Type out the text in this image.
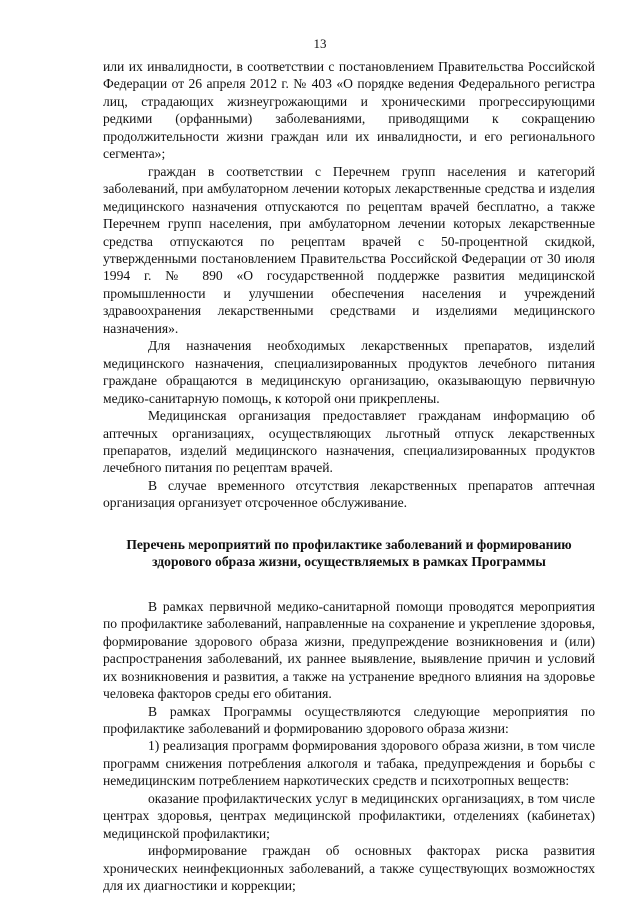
13

или их инвалидности, в соответствии с постановлением Правительства Российской Федерации от 26 апреля 2012 г. № 403 «О порядке ведения Федерального регистра лиц, страдающих жизнеугрожающими и хроническими прогрессирующими редкими (орфанными) заболеваниями, приводящими к сокращению продолжительности жизни граждан или их инвалидности, и его регионального сегмента»;

граждан в соответствии с Перечнем групп населения и категорий заболеваний, при амбулаторном лечении которых лекарственные средства и изделия медицинского назначения отпускаются по рецептам врачей бесплатно, а также Перечнем групп населения, при амбулаторном лечении которых лекарственные средства отпускаются по рецептам врачей с 50-процентной скидкой, утвержденными постановлением Правительства Российской Федерации от 30 июля 1994 г. № 890 «О государственной поддержке развития медицинской промышленности и улучшении обеспечения населения и учреждений здравоохранения лекарственными средствами и изделиями медицинского назначения».

Для назначения необходимых лекарственных препаратов, изделий медицинского назначения, специализированных продуктов лечебного питания граждане обращаются в медицинскую организацию, оказывающую первичную медико-санитарную помощь, к которой они прикреплены.

Медицинская организация предоставляет гражданам информацию об аптечных организациях, осуществляющих льготный отпуск лекарственных препаратов, изделий медицинского назначения, специализированных продуктов лечебного питания по рецептам врачей.

В случае временного отсутствия лекарственных препаратов аптечная организация организует отсроченное обслуживание.

Перечень мероприятий по профилактике заболеваний и формированию
здорового образа жизни, осуществляемых в рамках Программы

В рамках первичной медико-санитарной помощи проводятся мероприятия по профилактике заболеваний, направленные на сохранение и укрепление здоровья, формирование здорового образа жизни, предупреждение возникновения и (или) распространения заболеваний, их раннее выявление, выявление причин и условий их возникновения и развития, а также на устранение вредного влияния на здоровье человека факторов среды его обитания.

В рамках Программы осуществляются следующие мероприятия по профилактике заболеваний и формированию здорового образа жизни:

1) реализация программ формирования здорового образа жизни, в том числе программ снижения потребления алкоголя и табака, предупреждения и борьбы с немедицинским потреблением наркотических средств и психотропных веществ:

оказание профилактических услуг в медицинских организациях, в том числе центрах здоровья, центрах медицинской профилактики, отделениях (кабинетах) медицинской профилактики;

информирование граждан об основных факторах риска развития хронических неинфекционных заболеваний, а также существующих возможностях для их диагностики и коррекции;
